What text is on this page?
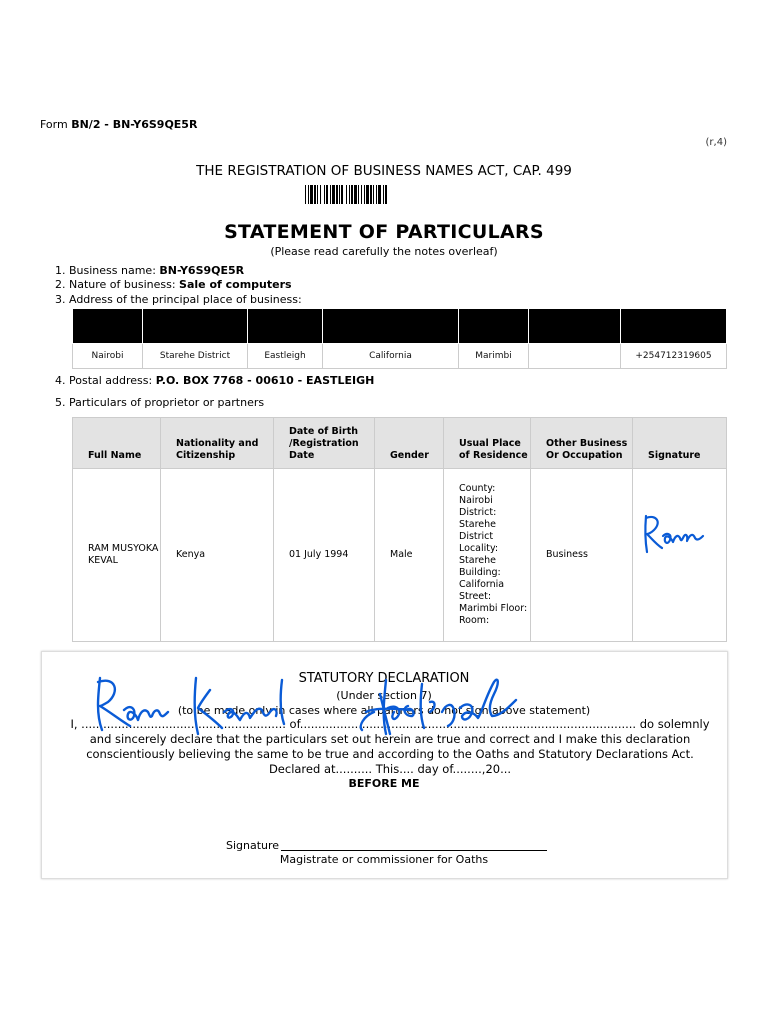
Form BN/2 - BN-Y6S9QE5R
(r,4)
THE REGISTRATION OF BUSINESS NAMES ACT, CAP. 499
STATEMENT OF PARTICULARS
(Please read carefully the notes overleaf)
1. Business name: BN-Y6S9QE5R
2. Nature of business: Sale of computers
3. Address of the principal place of business:

Nairobi	Starehe District	Eastleigh	California	Marimbi		+254712319605
4. Postal address: P.O. BOX 7768 - 00610 - EASTLEIGH
5. Particulars of proprietor or partners
Full Name	Nationality and Citizenship	Date of Birth /Registration Date	Gender	Usual Place of Residence	Other Business Or Occupation	Signature
RAM MUSYOKA KEVAL	Kenya	01 July 1994	Male	County: Nairobi District: Starehe District Locality: Starehe Building: California Street: Marimbi Floor: Room:	Business	
STATUTORY DECLARATION
(Under section 7)
(to be made only in cases where all partners do not sign above statement)
I, ........................................................ of............................................................................................ do solemnly and sincerely declare that the particulars set out herein are true and correct and I make this declaration conscientiously believing the same to be true and according to the Oaths and Statutory Declarations Act. Declared at.......... This.... day of........,20...
BEFORE ME
Signature
Magistrate or commissioner for Oaths
